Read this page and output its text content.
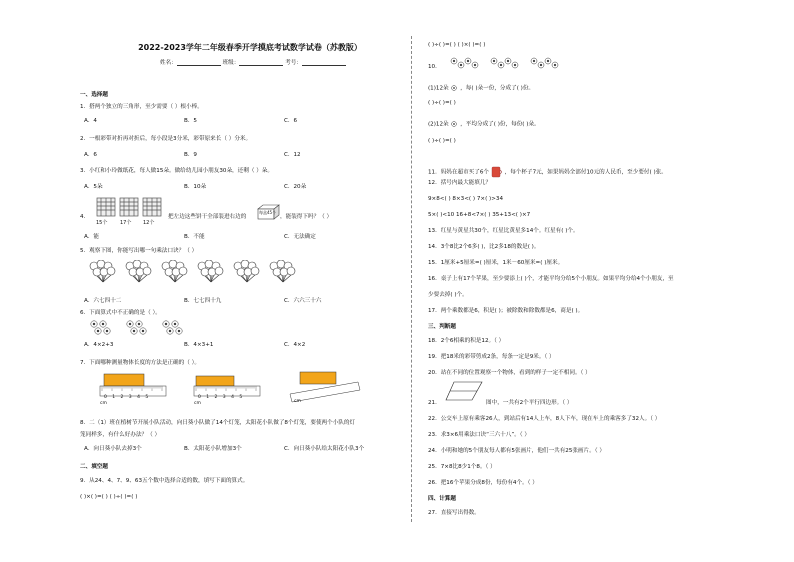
2022-2023学年二年级春季开学摸底考试数学试卷（苏教版）
姓名：	班级：	考号：
一、选择题
1．搭两个独立的三角形，至少需要（ ）根小棒。
A．4	B．5	C．6
2．一根彩带对折再对折后，每小段是3分米，彩带原来长（ ）分米。
A．6	B．9	C．12
3．小红和小玲做纸花，每人做15朵。做给幼儿园小朋友30朵，还剩（ ）朵。
A．5朵	B．10朵	C．20朵
4．
15个	17个 12个
把左边这些饼干全部装进右边的
每盒45个
，能装得下吗？（ ）
A．能	B．不能	C．无法确定
5．观察下图，你能写出哪一句乘法口诀？（ ）
A．六七四十二	B．七七四十九	C．六六三十六
6．下面算式中不正确的是（ ）。
A．4×2+3	B．4×3+1	C．4×2
7．下面哪种测量物体长度的方法是正确的（ ）。
012345
cm
012345
cm	cm
8．二（1）班在植树节开展小队活动，向日葵小队做了14个灯笼，太阳花小队做了8个灯笼，要使两个小队的灯
笼同样多，有什么好办法？（ ）
A．向日葵小队去掉3个	B．太阳花小队增加3个	C．向日葵小队给太阳花小队3个
二、填空题
9．从24、4、7、9、63五个数中选择合适的数，填写下面的算式。
( )×( )=( ) ( )÷( )=( )
( )÷( )=( ) ( )×( )=( )
10．
(1)12朵 ，每( )朵一份，分成了( )份。
( )÷( )=( )
(2)12朵 ，平均分成了( )份，每份( )朵。
( )÷( )=( )
11．妈妈在超市买了6个	，每个杯子7元，如果妈妈全部付10元的人民币，至少要付( )张。
12．括号内最大能填几？
9×8<( ) 8×3<( ) 7×( )>34
5×( )<10 16+8<7×( ) 35+13<( )×7
13．红星与黄星共30个，红星比黄星多14个。红星有( )个。
14．3个8比2个6多( )，比2多18的数是( )。
15．1厘米+5厘米=( )厘米，1米－60厘米=( )厘米。
16．桌子上有17个苹果，至少要添上( )个，才能平均分给5个小朋友。如果平均分给4个小朋友，至
少要去掉( )个。
17．两个乘数都是6，积是( )；被除数和除数都是6，商是( )。
三、判断题
18．2个6相乘的积是12。（ ）
19．把18米的彩带剪成2条，每条一定是9米。（ ）
20．站在不同的位置观察一个物体，看到的样子一定不相同。（ ）
21．	图中，一共有2个平行四边形。（ ）
22．公交车上原有乘客26人，到站后有14人上车，8人下车，现在车上的乘客多了32人。（ ）
23．求3×6用乘法口诀“三六十八”。（ ）
24．小明和她的5个朋友每人都有5张画片，他们一共有25张画片。（ ）
25．7×8比8少1个8。（ ）
26．把16个苹果分成8份，每份有4个。（ ）
四、计算题
27．直接写出得数。
